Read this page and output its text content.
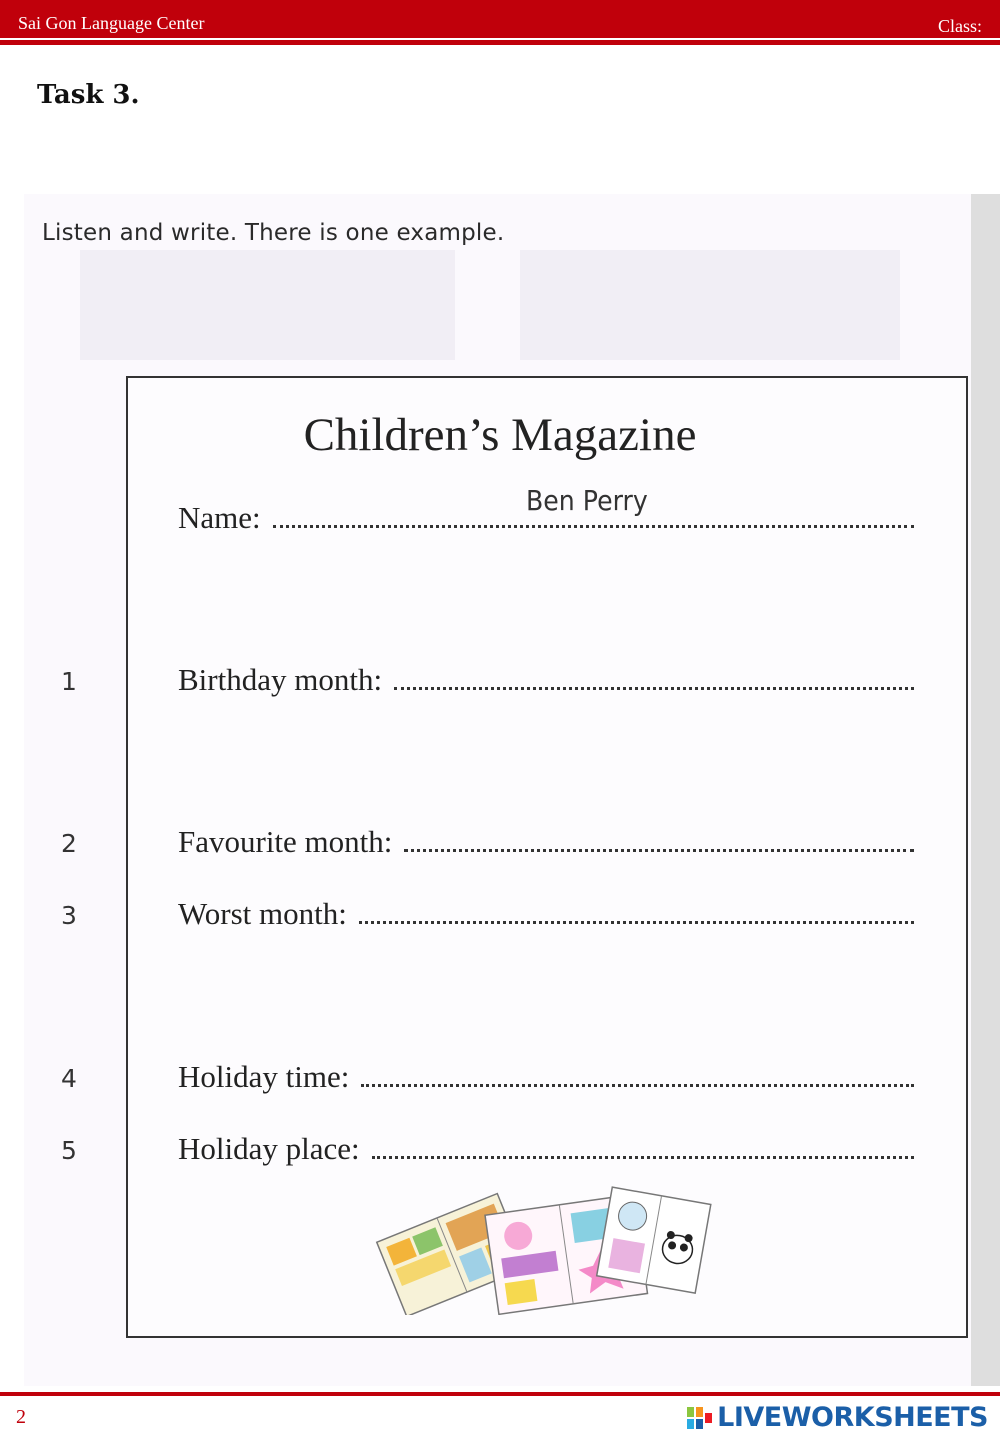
Sai Gon Language Center	Class:
Task 3.
Listen and write. There is one example.
Children’s Magazine
Name:	Ben Perry
1	Birthday month:
2	Favourite month:
3	Worst month:
4	Holiday time:
5	Holiday place:
2	LIVEWORKSHEETS
